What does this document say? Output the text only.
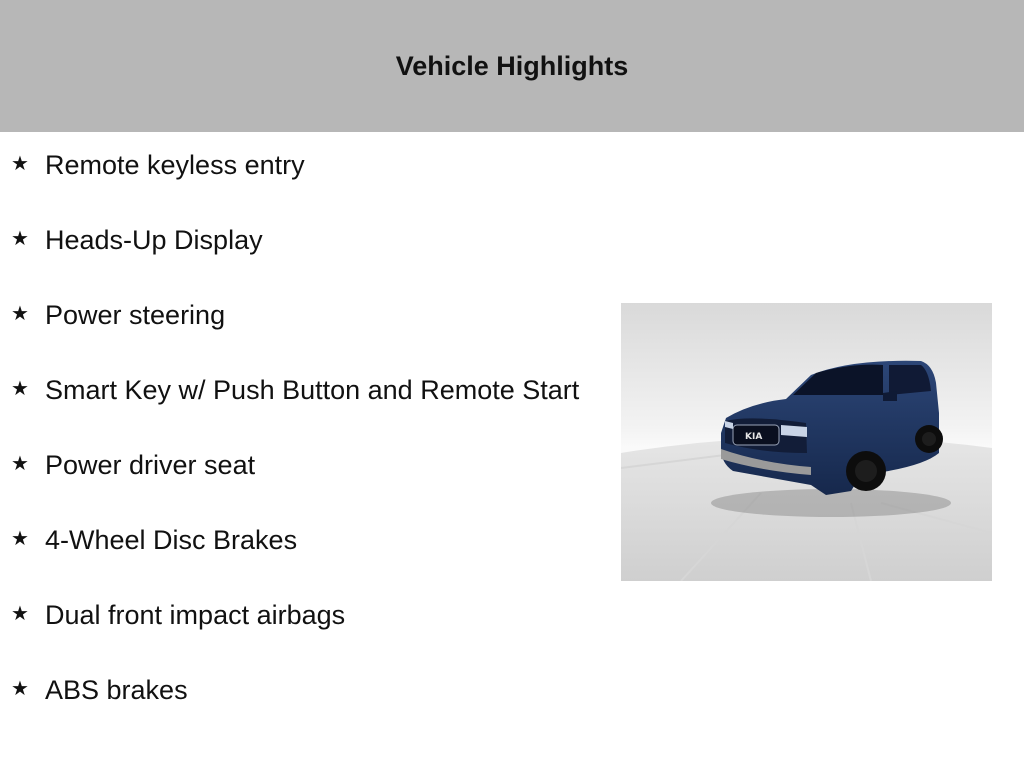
Vehicle Highlights
★ Remote keyless entry
★ Heads-Up Display
★ Power steering
★ Smart Key w/ Push Button and Remote Start
★ Power driver seat
★ 4-Wheel Disc Brakes
★ Dual front impact airbags
★ ABS brakes
KIA
